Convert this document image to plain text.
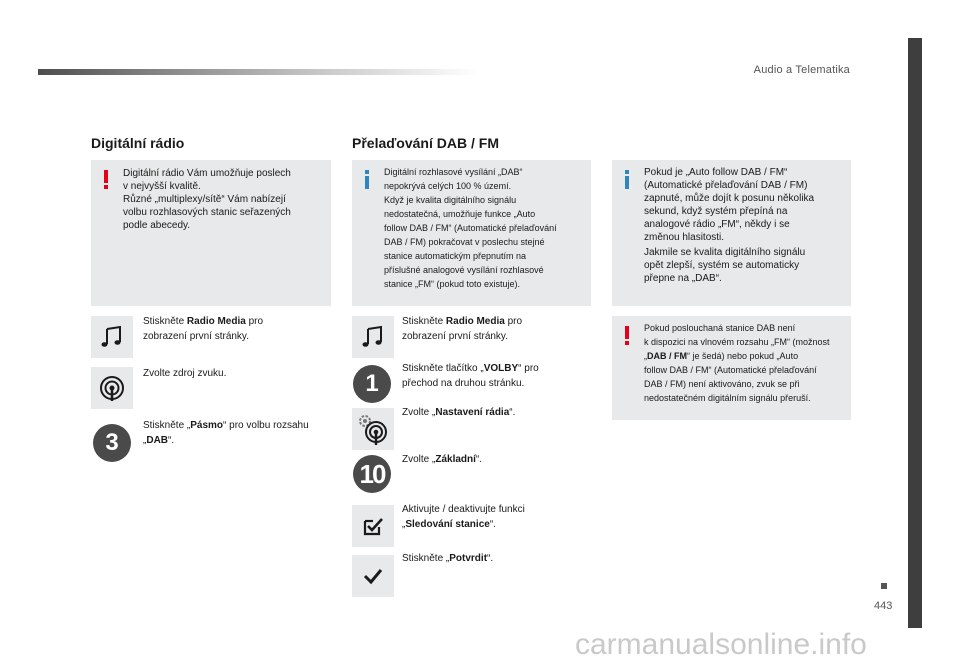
Audio a Telematika
443
Digitální rádio
Digitální rádio Vám umožňuje poslech
v nejvyšší kvalitě.
Různé „multiplexy/sítě“ Vám nabízejí
volbu rozhlasových stanic seřazených
podle abecedy.
Stiskněte Radio Media pro
zobrazení první stránky.
Zvolte zdroj zvuku.
3
Stiskněte „Pásmo“ pro volbu rozsahu
„DAB“.
Přelaďování DAB / FM
Digitální rozhlasové vysílání „DAB“
nepokrývá celých 100 % území.
Když je kvalita digitálního signálu
nedostatečná, umožňuje funkce „Auto
follow DAB / FM“ (Automatické přelaďování
DAB / FM) pokračovat v poslechu stejné
stanice automatickým přepnutím na
příslušné analogové vysílání rozhlasové
stanice „FM“ (pokud toto existuje).
Pokud je „Auto follow DAB / FM“
(Automatické přelaďování DAB / FM)
zapnuté, může dojít k posunu několika
sekund, když systém přepíná na
analogové rádio „FM“, někdy i se
změnou hlasitosti.
Jakmile se kvalita digitálního signálu
opět zlepší, systém se automaticky
přepne na „DAB“.
Pokud poslouchaná stanice DAB není
k dispozici na vlnovém rozsahu „FM“ (možnost
„DAB / FM“ je šedá) nebo pokud „Auto
follow DAB / FM“ (Automatické přelaďování
DAB / FM) není aktivováno, zvuk se při
nedostatečném digitálním signálu přeruší.
Stiskněte Radio Media pro
zobrazení první stránky.
1
Stiskněte tlačítko „VOLBY“ pro
přechod na druhou stránku.
Zvolte „Nastavení rádia“.
10	Zvolte „Základní“.
Aktivujte / deaktivujte funkci
„Sledování stanice“.
Stiskněte „Potvrdit“.
carmanualsonline.info
